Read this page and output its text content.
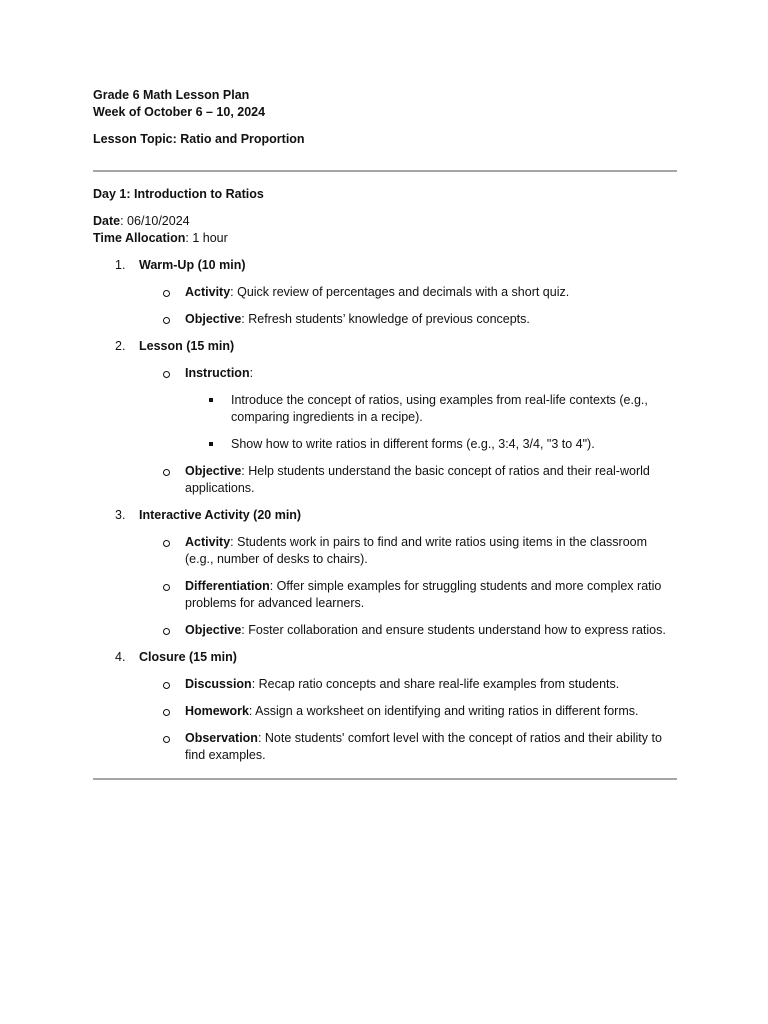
Grade 6 Math Lesson Plan

Week of October 6 – 10, 2024

Lesson Topic: Ratio and Proportion

Day 1: Introduction to Ratios

Date: 06/10/2024

Time Allocation: 1 hour

1. Warm-Up (10 min)
Activity: Quick review of percentages and decimals with a short quiz.
Objective: Refresh students’ knowledge of previous concepts.
2. Lesson (15 min)
Instruction:
Introduce the concept of ratios, using examples from real-life contexts (e.g., comparing ingredients in a recipe).
Show how to write ratios in different forms (e.g., 3:4, 3/4, "3 to 4").
Objective: Help students understand the basic concept of ratios and their real-world applications.
3. Interactive Activity (20 min)
Activity: Students work in pairs to find and write ratios using items in the classroom (e.g., number of desks to chairs).
Differentiation: Offer simple examples for struggling students and more complex ratio problems for advanced learners.
Objective: Foster collaboration and ensure students understand how to express ratios.
4. Closure (15 min)
Discussion: Recap ratio concepts and share real-life examples from students.
Homework: Assign a worksheet on identifying and writing ratios in different forms.
Observation: Note students' comfort level with the concept of ratios and their ability to find examples.
